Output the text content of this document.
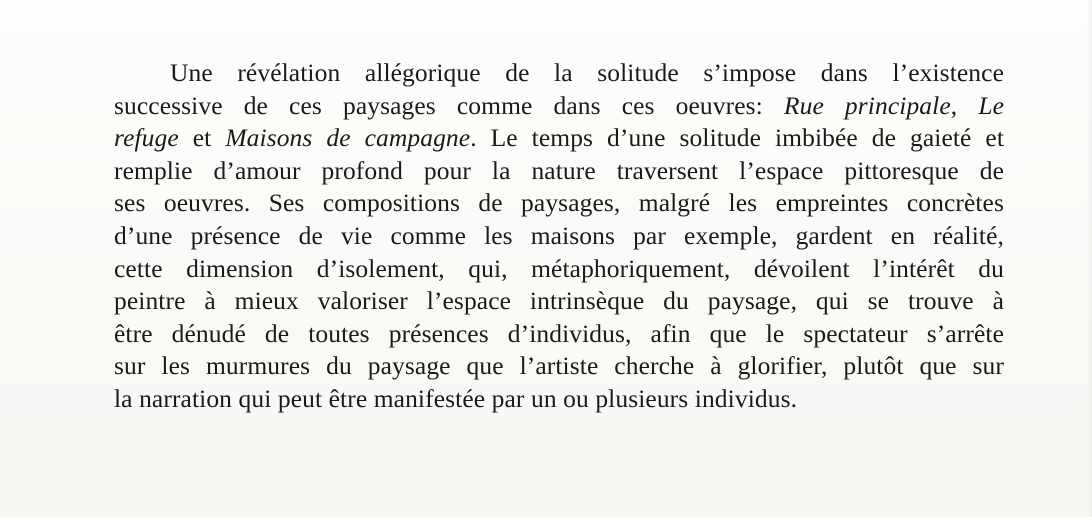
Une révélation allégorique de la solitude s’impose dans l’existence
successive de ces paysages comme dans ces oeuvres: Rue principale, Le
refuge et Maisons de campagne. Le temps d’une solitude imbibée de gaieté et
remplie d’amour profond pour la nature traversent l’espace pittoresque de
ses oeuvres. Ses compositions de paysages, malgré les empreintes concrètes
d’une présence de vie comme les maisons par exemple, gardent en réalité,
cette dimension d’isolement, qui, métaphoriquement, dévoilent l’intérêt du
peintre à mieux valoriser l’espace intrinsèque du paysage, qui se trouve à
être dénudé de toutes présences d’individus, afin que le spectateur s’arrête
sur les murmures du paysage que l’artiste cherche à glorifier, plutôt que sur
la narration qui peut être manifestée par un ou plusieurs individus.
